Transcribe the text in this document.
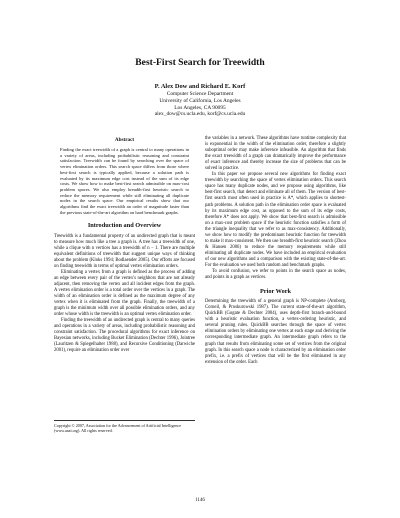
Best-First Search for Treewidth
P. Alex Dow and Richard E. Korf
Computer Science Department
University of California, Los Angeles
Los Angeles, CA 90095
alex_dow@cs.ucla.edu, korf@cs.ucla.edu
Abstract

Finding the exact treewidth of a graph is central to many operations in a variety of areas, including probabilistic reasoning and constraint satisfaction. Treewidth can be found by searching over the space of vertex elimination orders. This search space differs from those where best-first search is typically applied, because a solution path is evaluated by its maximum edge cost instead of the sum of its edge costs. We show how to make best-first search admissible on max-cost problem spaces. We also employ breadth-first heuristic search to reduce the memory requirement while still eliminating all duplicate nodes in the search space. Our empirical results show that our algorithms find the exact treewidth an order of magnitude faster than the previous state-of-the-art algorithm on hard benchmark graphs.

Introduction and Overview

Treewidth is a fundamental property of an undirected graph that is meant to measure how much like a tree a graph is. A tree has a treewidth of one, while a clique with n vertices has a treewidth of n − 1. There are multiple equivalent definitions of treewidth that suggest unique ways of thinking about the problem (Kloks 1994; Bodlaender 2005). Our efforts are focused on finding treewidth in terms of optimal vertex elimination orders.

Eliminating a vertex from a graph is defined as the process of adding an edge between every pair of the vertex's neighbors that are not already adjacent, then removing the vertex and all incident edges from the graph. A vertex elimination order is a total order over the vertices in a graph. The width of an elimination order is defined as the maximum degree of any vertex when it is eliminated from the graph. Finally, the treewidth of a graph is the minimum width over all possible elimination orders, and any order whose width is the treewidth is an optimal vertex elimination order.

Finding the treewidth of an undirected graph is central to many queries and operations in a variety of areas, including probabilistic reasoning and constraint satisfaction. The procedural algorithms for exact inference on Bayesian networks, including Bucket Elimination (Dechter 1996), Jointree (Lauritzen & Spiegelhalter 1988), and Recursive Conditioning (Darwiche 2001), require an elimination order over

Copyright © 2007, Association for the Advancement of Artificial Intelligence (www.aaai.org). All rights reserved.

the variables in a network. These algorithms have runtime complexity that is exponential in the width of the elimination order, therefore a slightly suboptimal order may make inference infeasible. An algorithm that finds the exact treewidth of a graph can dramatically improve the performance of exact inference and thereby increase the size of problems that can be solved in practice.

In this paper we propose several new algorithms for finding exact treewidth by searching the space of vertex elimination orders. This search space has many duplicate nodes, and we propose using algorithms, like best-first search, that detect and eliminate all of them. The version of best-first search most often used in practice is A*, which applies to shortest-path problems. A solution path in the elimination order space is evaluated by its maximum edge cost, as opposed to the sum of its edge costs, therefore A* does not apply. We show that best-first search is admissible on a max-cost problem space if the heuristic function satisfies a form of the triangle inequality that we refer to as max-consistency. Additionally, we show how to modify the predominant heuristic function for treewidth to make it max-consistent. We then use breadth-first heuristic search (Zhou & Hansen 2006) to reduce the memory requirements while still eliminating all duplicate nodes. We have included an empirical evaluation of our new algorithms and a comparison with the existing state-of-the-art. For the evaluation we used both random and benchmark graphs.

To avoid confusion, we refer to points in the search space as nodes, and points in a graph as vertices.

Prior Work

Determining the treewidth of a general graph is NP-complete (Arnborg, Corneil, & Proskurowski 1987). The current state-of-the-art algorithm, QuickBB (Gogate & Dechter 2004), uses depth-first branch-and-bound with a heuristic evaluation function, a vertex-ordering heuristic, and several pruning rules. QuickBB searches through the space of vertex elimination orders by eliminating one vertex at each stage and deriving the corresponding intermediate graph. An intermediate graph refers to the graph that results from eliminating some set of vertices from the original graph. In this search space a node is characterized by an elimination order prefix, i.e. a prefix of vertices that will be the first eliminated in any extension of the order. Each

1146
